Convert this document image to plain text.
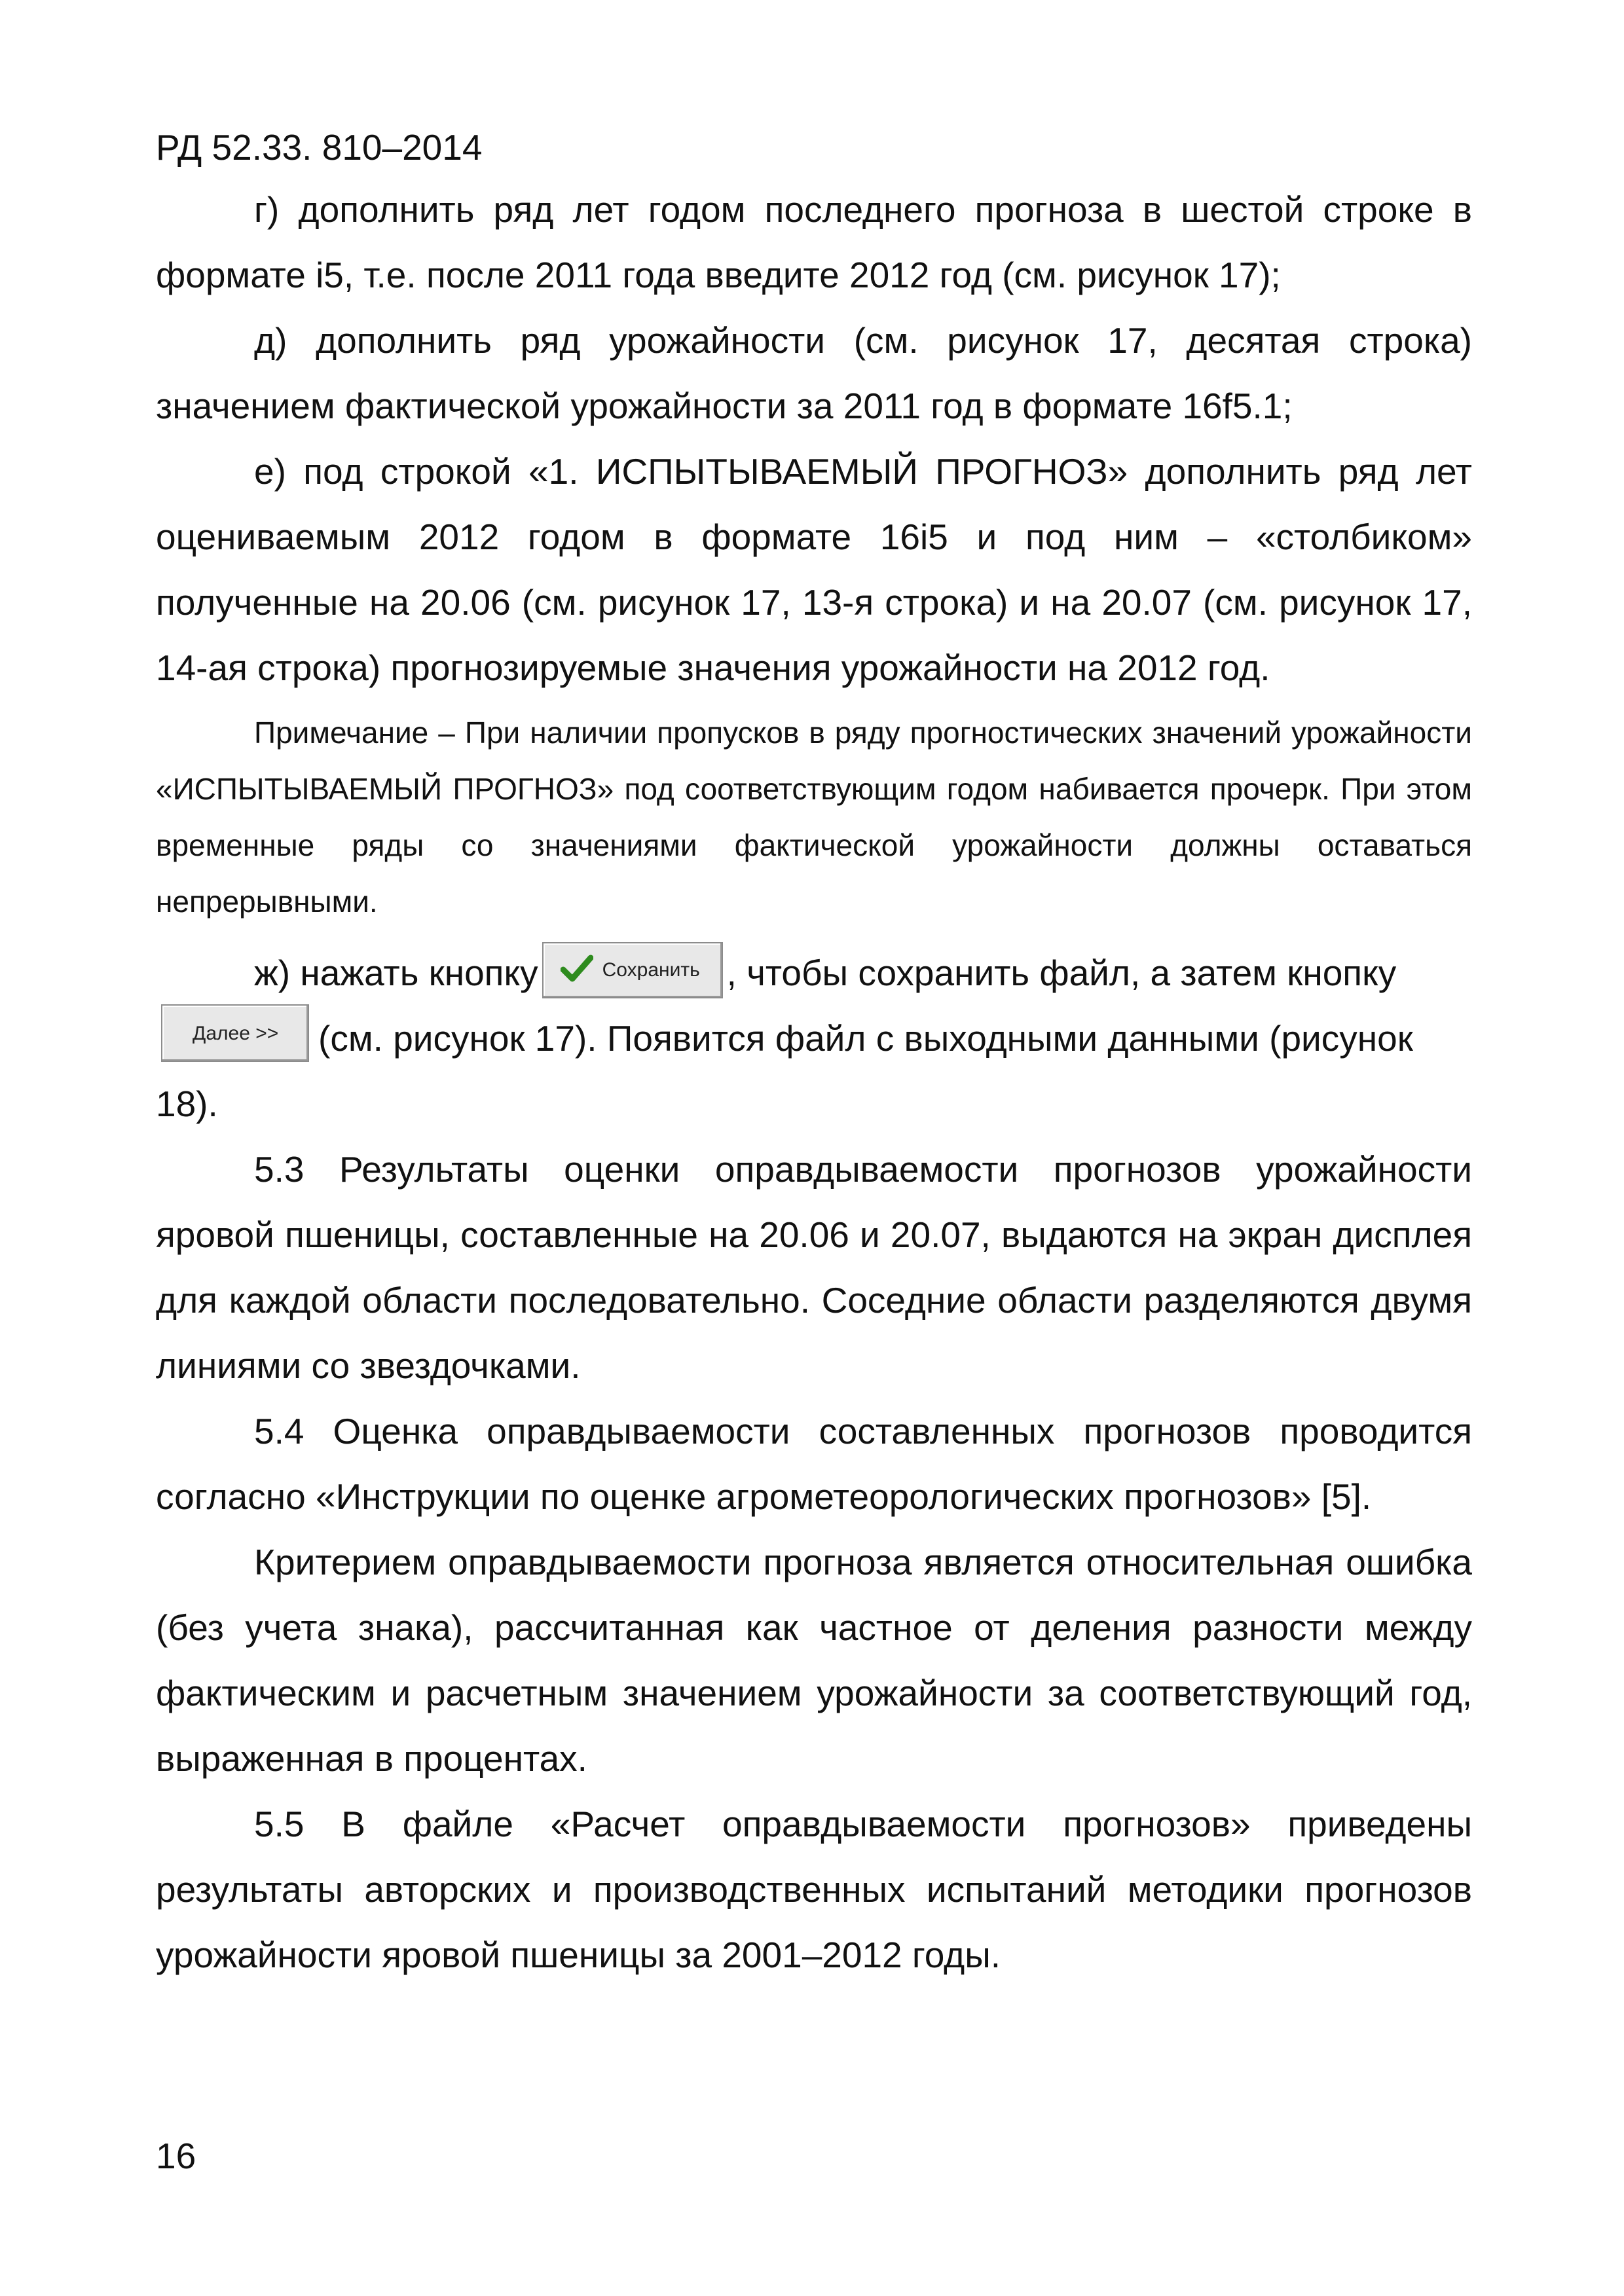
РД 52.33. 810–2014

г) дополнить ряд лет годом последнего прогноза в шестой строке в формате i5, т.е. после 2011 года введите 2012 год (см. рисунок 17);

д) дополнить ряд урожайности (см. рисунок 17, десятая строка) значением фактической урожайности за 2011 год в формате 16f5.1;

е) под строкой «1. ИСПЫТЫВАЕМЫЙ ПРОГНОЗ» дополнить ряд лет оцениваемым 2012 годом в формате 16i5 и под ним – «столбиком» полученные на 20.06 (см. рисунок 17, 13-я строка) и на 20.07 (см. рисунок 17, 14-ая строка) прогнозируемые значения урожайности на 2012 год.

Примечание – При наличии пропусков в ряду прогностических значений урожайности «ИСПЫТЫВАЕМЫЙ ПРОГНОЗ» под соответствующим годом набивается прочерк. При этом временные ряды со значениями фактической урожайности должны оставаться непрерывными.

ж) нажать кнопку	Сохранить , чтобы сохранить файл, а затем кнопку
Далее >> (см. рисунок 17). Появится файл с выходными данными (рисунок 18).

5.3 Результаты оценки оправдываемости прогнозов урожайности яровой пшеницы, составленные на 20.06 и 20.07, выдаются на экран дисплея для каждой области последовательно. Соседние области разделяются двумя линиями со звездочками.

5.4 Оценка оправдываемости составленных прогнозов проводится согласно «Инструкции по оценке агрометеорологических прогнозов» [5].

Критерием оправдываемости прогноза является относительная ошибка (без учета знака), рассчитанная как частное от деления разности между фактическим и расчетным значением урожайности за соответствующий год, выраженная в процентах.

5.5 В файле «Расчет оправдываемости прогнозов» приведены результаты авторских и производственных испытаний методики прогнозов урожайности яровой пшеницы за 2001–2012 годы.

16
